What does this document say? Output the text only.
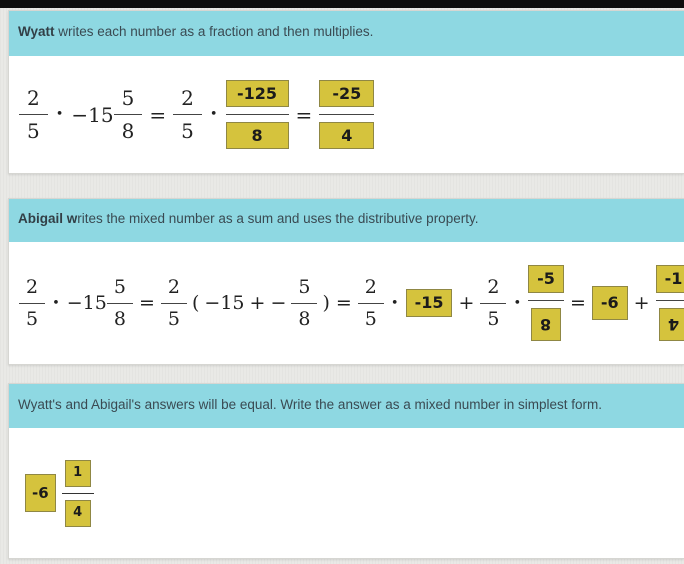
Wyatt writes each number as a fraction and then multiplies.
$\frac{2}{5}$ • $-15 \frac{5}{8} = \frac{2}{5}$ • $\frac{-125}{8} = \frac{-25}{4}$
Abigail writes the mixed number as a sum and uses the distributive property.
$\frac{2}{5}$ • $-15 \frac{5}{8} = \frac{2}{5}$ ( −15 + − $\frac{5}{8}$ ) = $\frac{2}{5}$ •	$-15 + \frac{2}{5}$ • $\frac{-5}{8} = -6 + \frac{-1}{4}$
Wyatt's and Abigail's answers will be equal. Write the answer as a mixed number in simplest form.
-6	$\frac{1}{4}$
